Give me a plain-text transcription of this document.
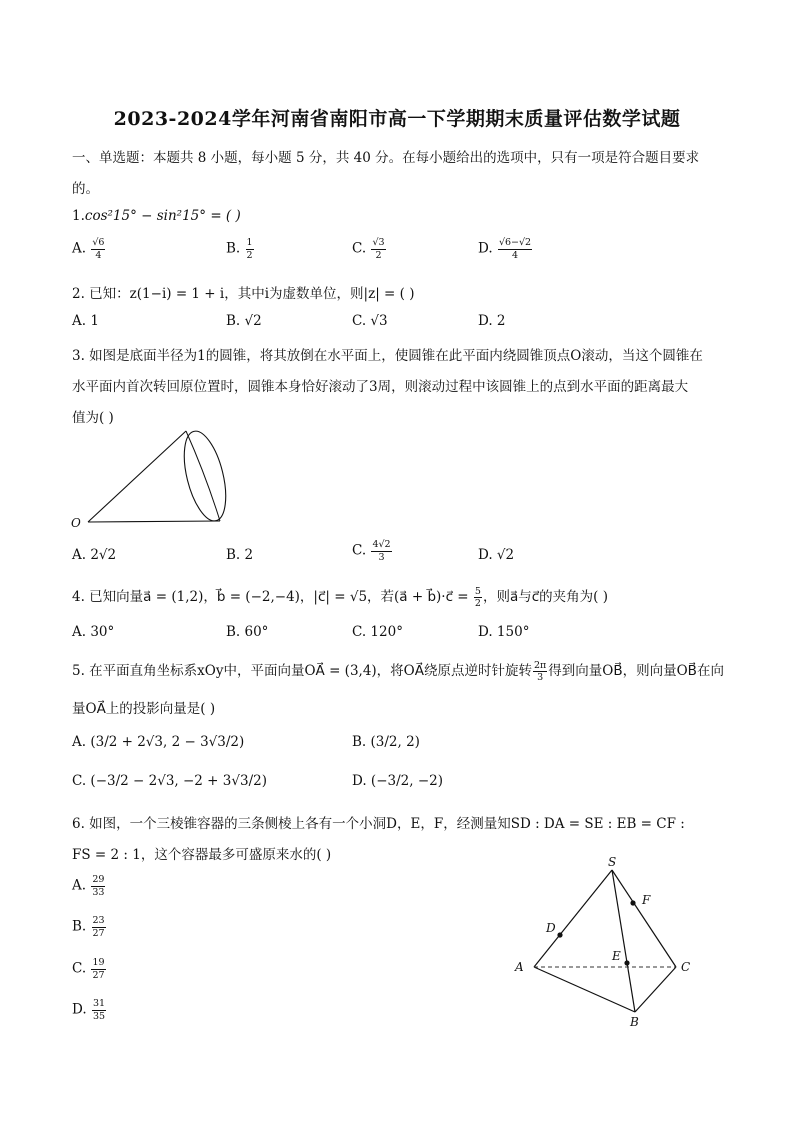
2023-2024学年河南省南阳市高一下学期期末质量评估数学试题
一、单选题：本题共 8 小题，每小题 5 分，共 40 分。在每小题给出的选项中，只有一项是符合题目要求
的。
1.cos²15° − sin²15° = ( )
A. $\frac{√6}{4}$	B. $\frac{1}{2}$	C. $\frac{√3}{2}$	D. $\frac{√6-√2}{4}$
2. 已知：z(1−i) = 1 + i，其中i为虚数单位，则|z| = ( )
A. 1	B. √2	C. √3	D. 2
3. 如图是底面半径为1的圆锥，将其放倒在水平面上，使圆锥在此平面内绕圆锥顶点O滚动，当这个圆锥在
水平面内首次转回原位置时，圆锥本身恰好滚动了3周，则滚动过程中该圆锥上的点到水平面的距离最大
值为( )
O
A. 2√2	B. 2	C. $\frac{4√2}{3}$	D. √2
4. 已知向量a⃗ = (1,2)，b⃗ = (−2,−4)，|c⃗| = √5，若(a⃗ + b⃗)·c⃗ = $\frac{5}{2}$ ，则a⃗与c⃗的夹角为( )
A. 30°	B. 60°	C. 120°	D. 150°
5. 在平面直角坐标系xOy中，平面向量OA⃗ = (3,4)，将OA⃗绕原点逆时针旋转 $\frac{2\pi}{3}$ 得到向量OB⃗，则向量OB⃗在向
量OA⃗上的投影向量是( )
A. (3/2 + 2√3, 2 − 3√3/2)	B. (3/2, 2)
C. (−3/2 − 2√3, −2 + 3√3/2)	D. (−3/2, −2)
6. 如图，一个三棱锥容器的三条侧棱上各有一个小洞D，E，F，经测量知SD : DA = SE : EB = CF :
FS = 2 : 1，这个容器最多可盛原来水的( )
A. $\frac{29}{33}$
B. $\frac{23}{27}$
C. $\frac{19}{27}$
D. $\frac{31}{35}$
S
F
D
A
E
C
B
